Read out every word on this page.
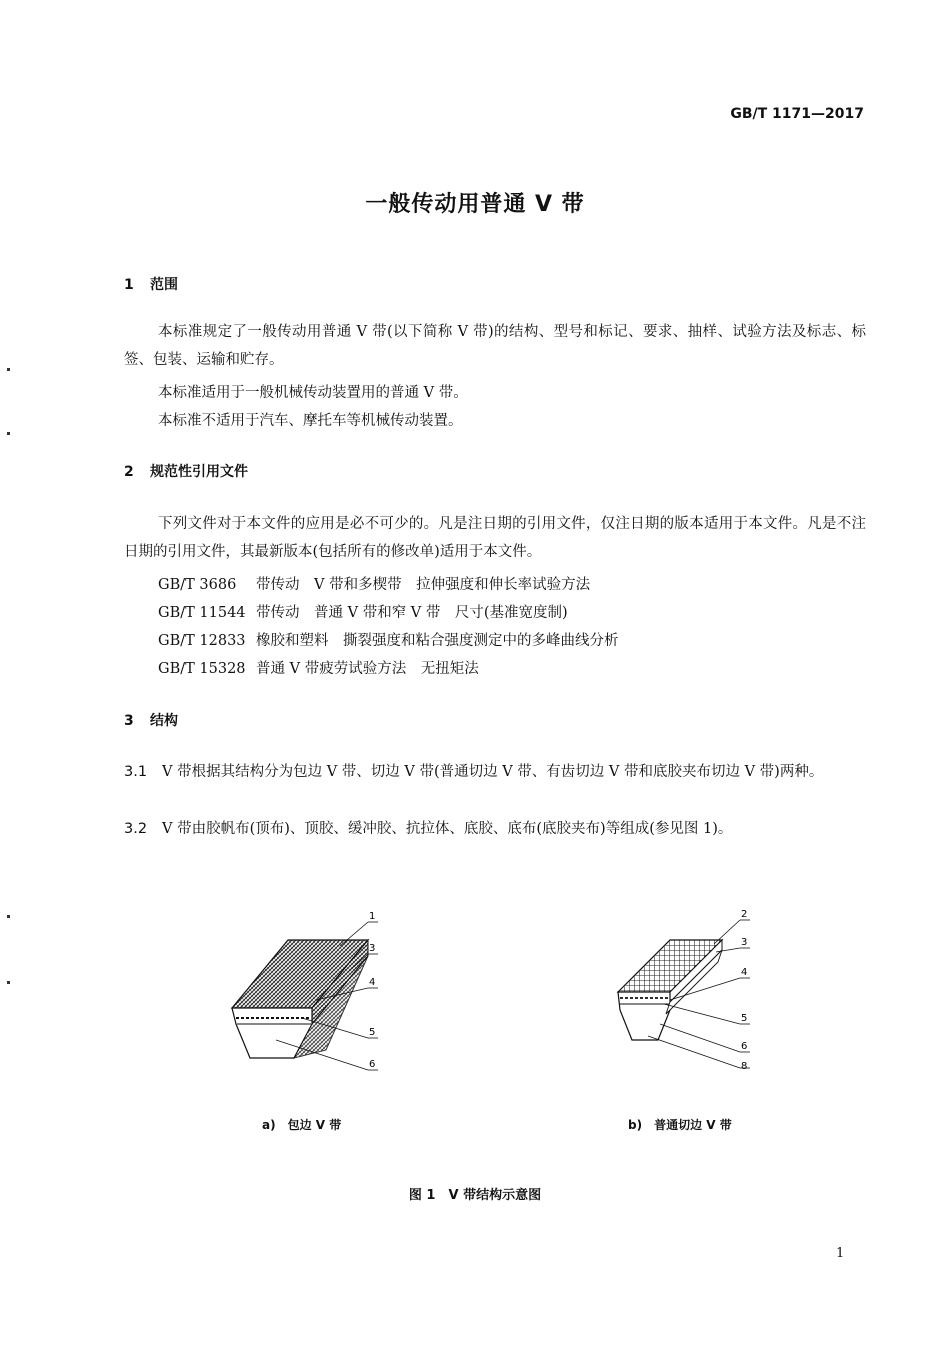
GB/T 1171—2017
一般传动用普通 V 带
1 范围
本标准规定了一般传动用普通 V 带(以下简称 V 带)的结构、型号和标记、要求、抽样、试验方法及标志、标签、包装、运输和贮存。
本标准适用于一般机械传动装置用的普通 V 带。
本标准不适用于汽车、摩托车等机械传动装置。
2 规范性引用文件
下列文件对于本文件的应用是必不可少的。凡是注日期的引用文件，仅注日期的版本适用于本文件。凡是不注日期的引用文件，其最新版本(包括所有的修改单)适用于本文件。
GB/T 3686 带传动　V 带和多楔带　拉伸强度和伸长率试验方法
GB/T 11544 带传动　普通 V 带和窄 V 带　尺寸(基准宽度制)
GB/T 12833 橡胶和塑料　撕裂强度和粘合强度测定中的多峰曲线分析
GB/T 15328 普通 V 带疲劳试验方法　无扭矩法
3 结构
3.1 V 带根据其结构分为包边 V 带、切边 V 带(普通切边 V 带、有齿切边 V 带和底胶夹布切边 V 带)两种。
3.2 V 带由胶帆布(顶布)、顶胶、缓冲胶、抗拉体、底胶、底布(底胶夹布)等组成(参见图 1)。
1
3
4
5
6
2
3
4
5
6
8
a)　包边 V 带	b)　普通切边 V 带
图 1　V 带结构示意图
1
